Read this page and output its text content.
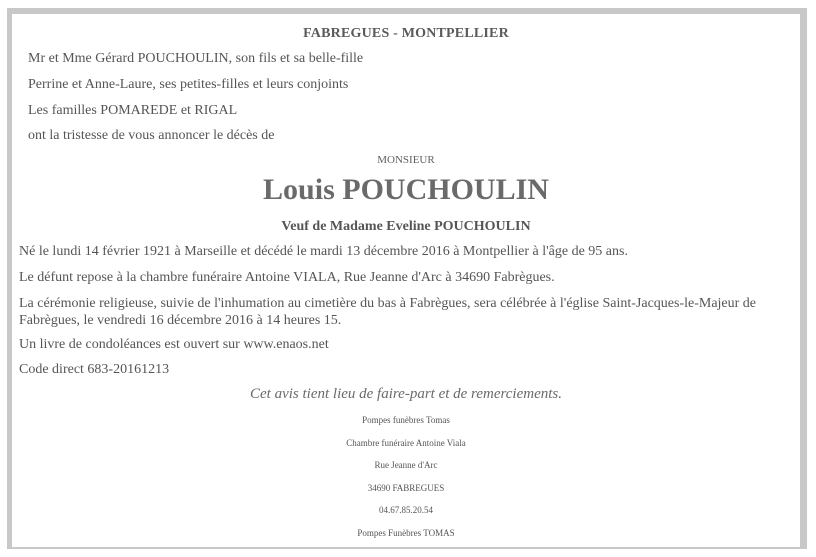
FABREGUES - MONTPELLIER
Mr et Mme Gérard POUCHOULIN, son fils et sa belle-fille
Perrine et Anne-Laure, ses petites-filles et leurs conjoints
Les familles POMAREDE et RIGAL
ont la tristesse de vous annoncer le décès de
MONSIEUR
Louis POUCHOULIN
Veuf de Madame Eveline POUCHOULIN
Né le lundi 14 février 1921 à Marseille et décédé le mardi 13 décembre 2016 à Montpellier à l'âge de 95 ans.
Le défunt repose à la chambre funéraire Antoine VIALA, Rue Jeanne d'Arc à 34690 Fabrègues.
La cérémonie religieuse, suivie de l'inhumation au cimetière du bas à Fabrègues, sera célébrée à l'église Saint-Jacques-le-Majeur de Fabrègues, le vendredi 16 décembre 2016 à 14 heures 15.
Un livre de condoléances est ouvert sur www.enaos.net
Code direct 683-20161213
Cet avis tient lieu de faire-part et de remerciements.
Pompes funèbres Tomas
Chambre funéraire Antoine Viala
Rue Jeanne d'Arc
34690 FABREGUES
04.67.85.20.54
Pompes Funèbres TOMAS
